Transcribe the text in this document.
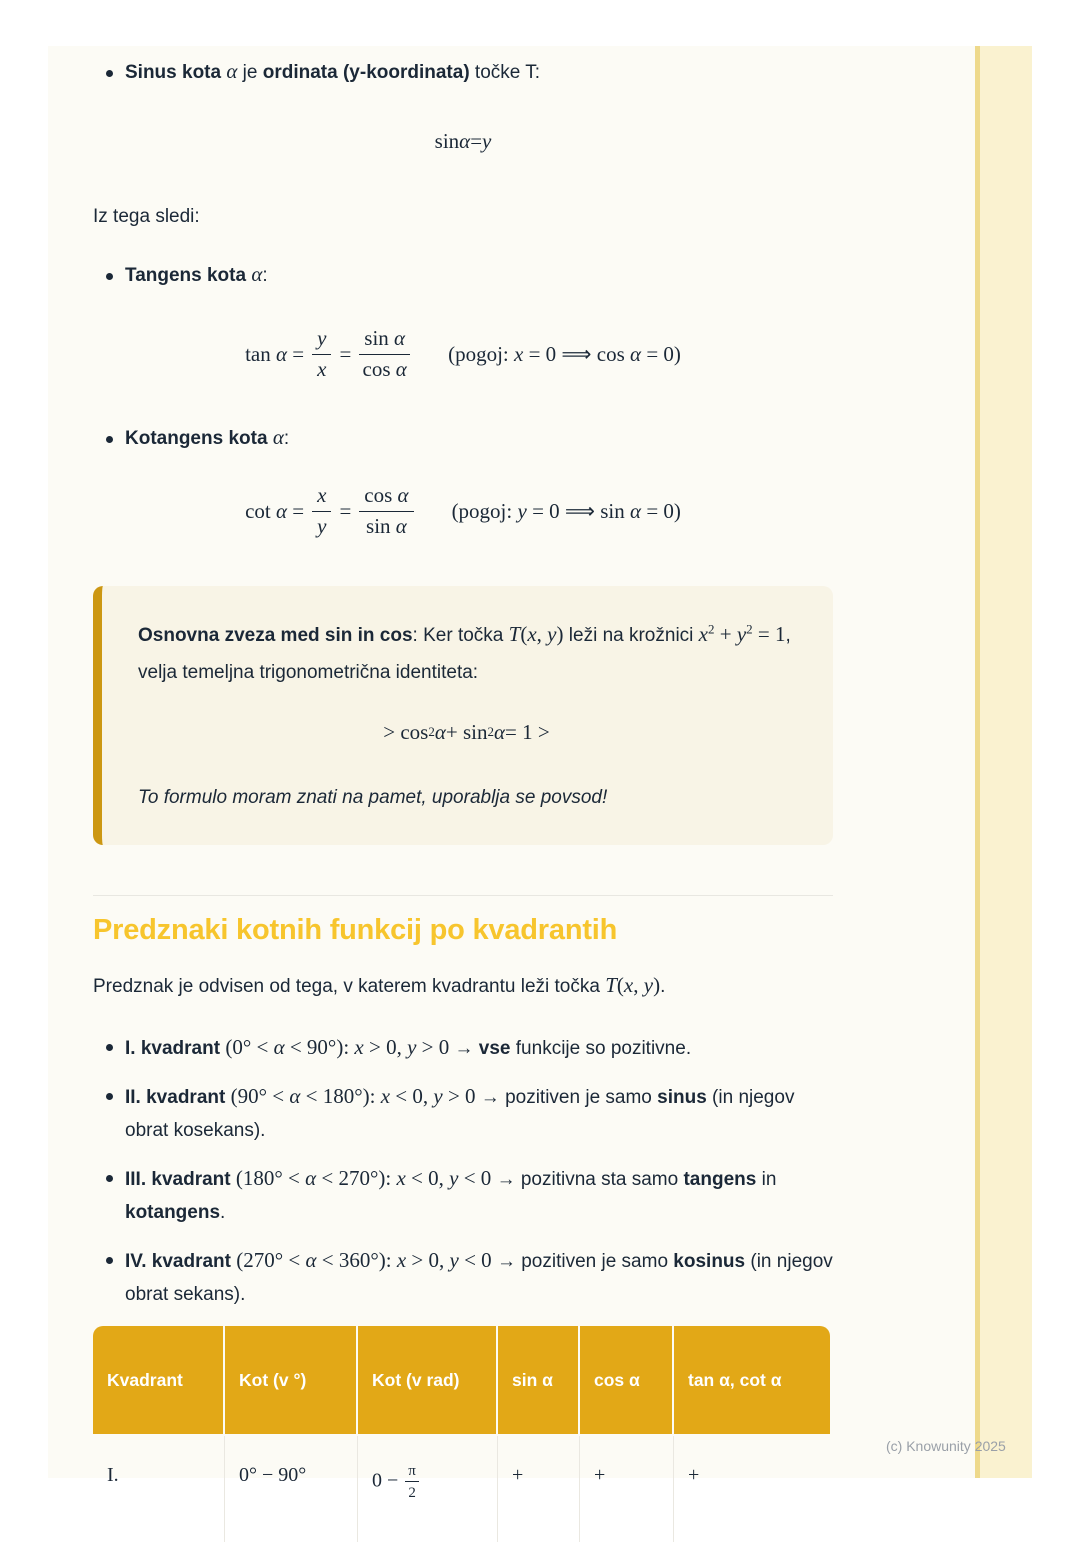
(c) Knowunity 2025
Sinus kota α je ordinata (y-koordinata) točke T:
sin α = y

Iz tega sledi:

Tangens kota α:
$\tan \alpha = \frac{y}{x} = \frac{\text{sin α}}{\text{cos α}}$ (pogoj: x = 0 ⟹ cos α = 0)
Kotangens kota α:
$\cot \alpha = \frac{x}{y} = \frac{\text{cos α}}{\text{sin α}}$ (pogoj: y = 0 ⟹ sin α = 0)

Osnovna zveza med sin in cos: Ker točka T(x, y) leži na krožnici $x^2 + y^2 = 1$, velja temeljna trigonometrična identiteta:

> cos 2 α + sin 2 α = 1 >

To formulo moram znati na pamet, uporablja se povsod!

Predznaki kotnih funkcij po kvadrantih

Predznak je odvisen od tega, v katerem kvadrantu leži točka T(x, y).

I. kvadrant (0° < α < 90°): x > 0, y > 0 → vse funkcije so pozitivne.
II. kvadrant (90° < α < 180°): x < 0, y > 0 → pozitiven je samo sinus (in njegov obrat kosekans).
III. kvadrant (180° < α < 270°): x < 0, y < 0 → pozitivna sta samo tangens in kotangens.
IV. kvadrant (270° < α < 360°): x > 0, y < 0 → pozitiven je samo kosinus (in njegov obrat sekans).
Kvadrant	Kot (v °)	Kot (v rad)	sin α	cos α	tan α, cot α
I.	0° − 90°	$0 - \frac{\pi}{2}$	+	+	+
